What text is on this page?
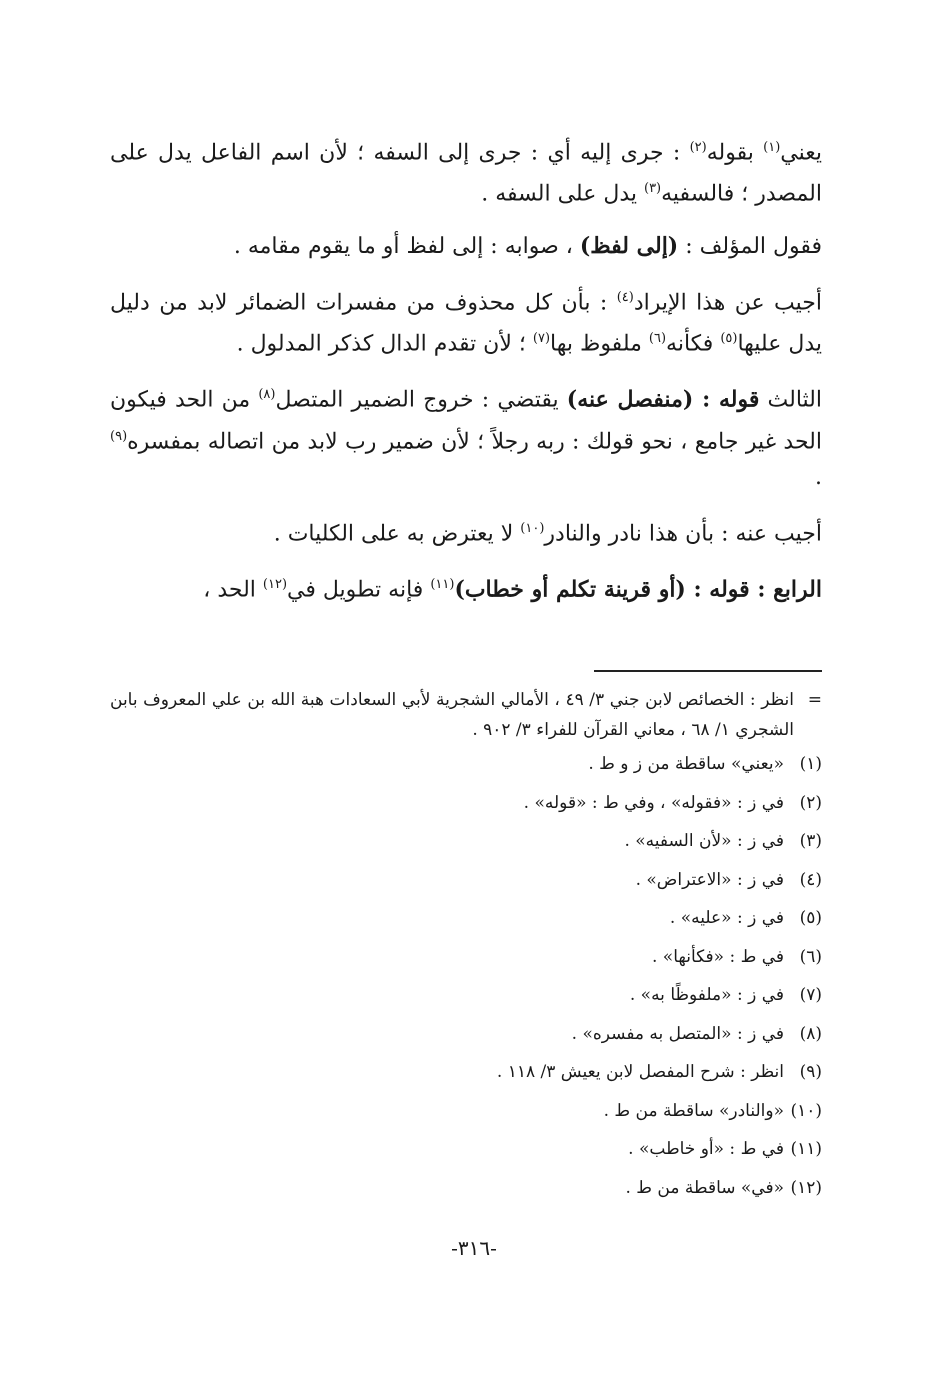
يعني$^{(١)}$ بقوله$^{(٢)}$ : جرى إليه أي : جرى إلى السفه ؛ لأن اسم الفاعل يدل على المصدر ؛ فالسفيه$^{(٣)}$ يدل على السفه .

فقول المؤلف : (إلى لفظ) ، صوابه : إلى لفظ أو ما يقوم مقامه .

أجيب عن هذا الإيراد$^{(٤)}$ : بأن كل محذوف من مفسرات الضمائر لابد من دليل يدل عليها$^{(٥)}$ فكأنه$^{(٦)}$ ملفوظ بها$^{(٧)}$ ؛ لأن تقدم الدال كذكر المدلول .

الثالث قوله : (منفصل عنه) يقتضي : خروج الضمير المتصل$^{(٨)}$ من الحد فيكون الحد غير جامع ، نحو قولك : ربه رجلاً ؛ لأن ضمير رب لابد من اتصاله بمفسره$^{(٩)}$ .

أجيب عنه : بأن هذا نادر والنادر$^{(١٠)}$ لا يعترض به على الكليات .

الرابع : قوله : (أو قرينة تكلم أو خطاب)$^{(١١)}$ فإنه تطويل في$^{(١٢)}$ الحد ،

=
انظر : الخصائص لابن جني ٣/ ٤٩ ، الأمالي الشجرية لأبي السعادات هبة الله بن علي المعروف بابن الشجري ١/ ٦٨ ، معاني القرآن للفراء ٣/ ٩٠٢ .
(١)
«يعني» ساقطة من ز و ط .
(٢)
في ز : «فقوله» ، وفي ط : «قوله» .
(٣)
في ز : «لأن السفيه» .
(٤)
في ز : «الاعتراض» .
(٥)
في ز : «عليه» .
(٦)
في ط : «فكأنها» .
(٧)
في ز : «ملفوظًا به» .
(٨)
في ز : «المتصل به مفسره» .
(٩)
انظر : شرح المفصل لابن يعيش ٣/ ١١٨ .
(١٠)
«والنادر» ساقطة من ط .
(١١)
في ط : «أو خاطب» .
(١٢)
«في» ساقطة من ط .
-٣١٦-
